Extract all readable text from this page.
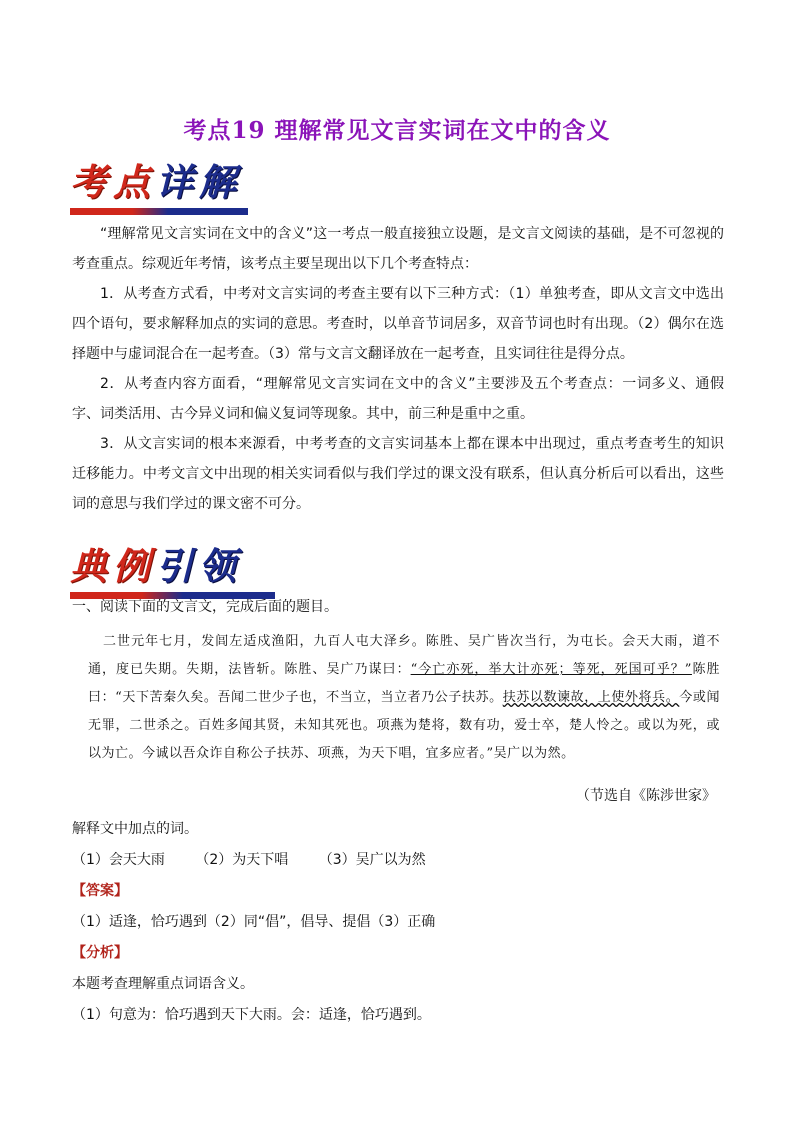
考点19 理解常见文言实词在文中的含义
考点详解

“理解常见文言实词在文中的含义”这一考点一般直接独立设题，是文言文阅读的基础，是不可忽视的考查重点。综观近年考情，该考点主要呈现出以下几个考查特点：

1．从考查方式看，中考对文言实词的考查主要有以下三种方式：（1）单独考查，即从文言文中选出四个语句，要求解释加点的实词的意思。考查时，以单音节词居多，双音节词也时有出现。（2）偶尔在选择题中与虚词混合在一起考查。（3）常与文言文翻译放在一起考查，且实词往往是得分点。

2．从考查内容方面看，“理解常见文言实词在文中的含义”主要涉及五个考查点：一词多义、通假字、词类活用、古今异义词和偏义复词等现象。其中，前三种是重中之重。

3．从文言实词的根本来源看，中考考查的文言实词基本上都在课本中出现过，重点考查考生的知识迁移能力。中考文言文中出现的相关实词看似与我们学过的课文没有联系，但认真分析后可以看出，这些词的意思与我们学过的课文密不可分。

典例引领
一、阅读下面的文言文，完成后面的题目。

二世元年七月，发闾左适戍渔阳，九百人屯大泽乡。陈胜、吴广皆次当行，为屯长。会天大雨，道不通，度已失期。失期，法皆斩。陈胜、吴广乃谋曰：“今亡亦死，举大计亦死；等死，死国可乎？”陈胜曰：“天下苦秦久矣。吾闻二世少子也，不当立，当立者乃公子扶苏。扶苏以数谏故，上使外将兵。今或闻无罪，二世杀之。百姓多闻其贤，未知其死也。项燕为楚将，数有功，爱士卒，楚人怜之。或以为死，或以为亡。今诚以吾众诈自称公子扶苏、项燕，为天下唱，宜多应者。”吴广以为然。

（节选自《陈涉世家》
解释文中加点的词。
（1）会天大雨 （2）为天下唱 （3）吴广以为然
【答案】
（1）适逢，恰巧遇到（2）同“倡”，倡导、提倡（3）正确
【分析】
本题考查理解重点词语含义。
（1）句意为：恰巧遇到天下大雨。会：适逢，恰巧遇到。
